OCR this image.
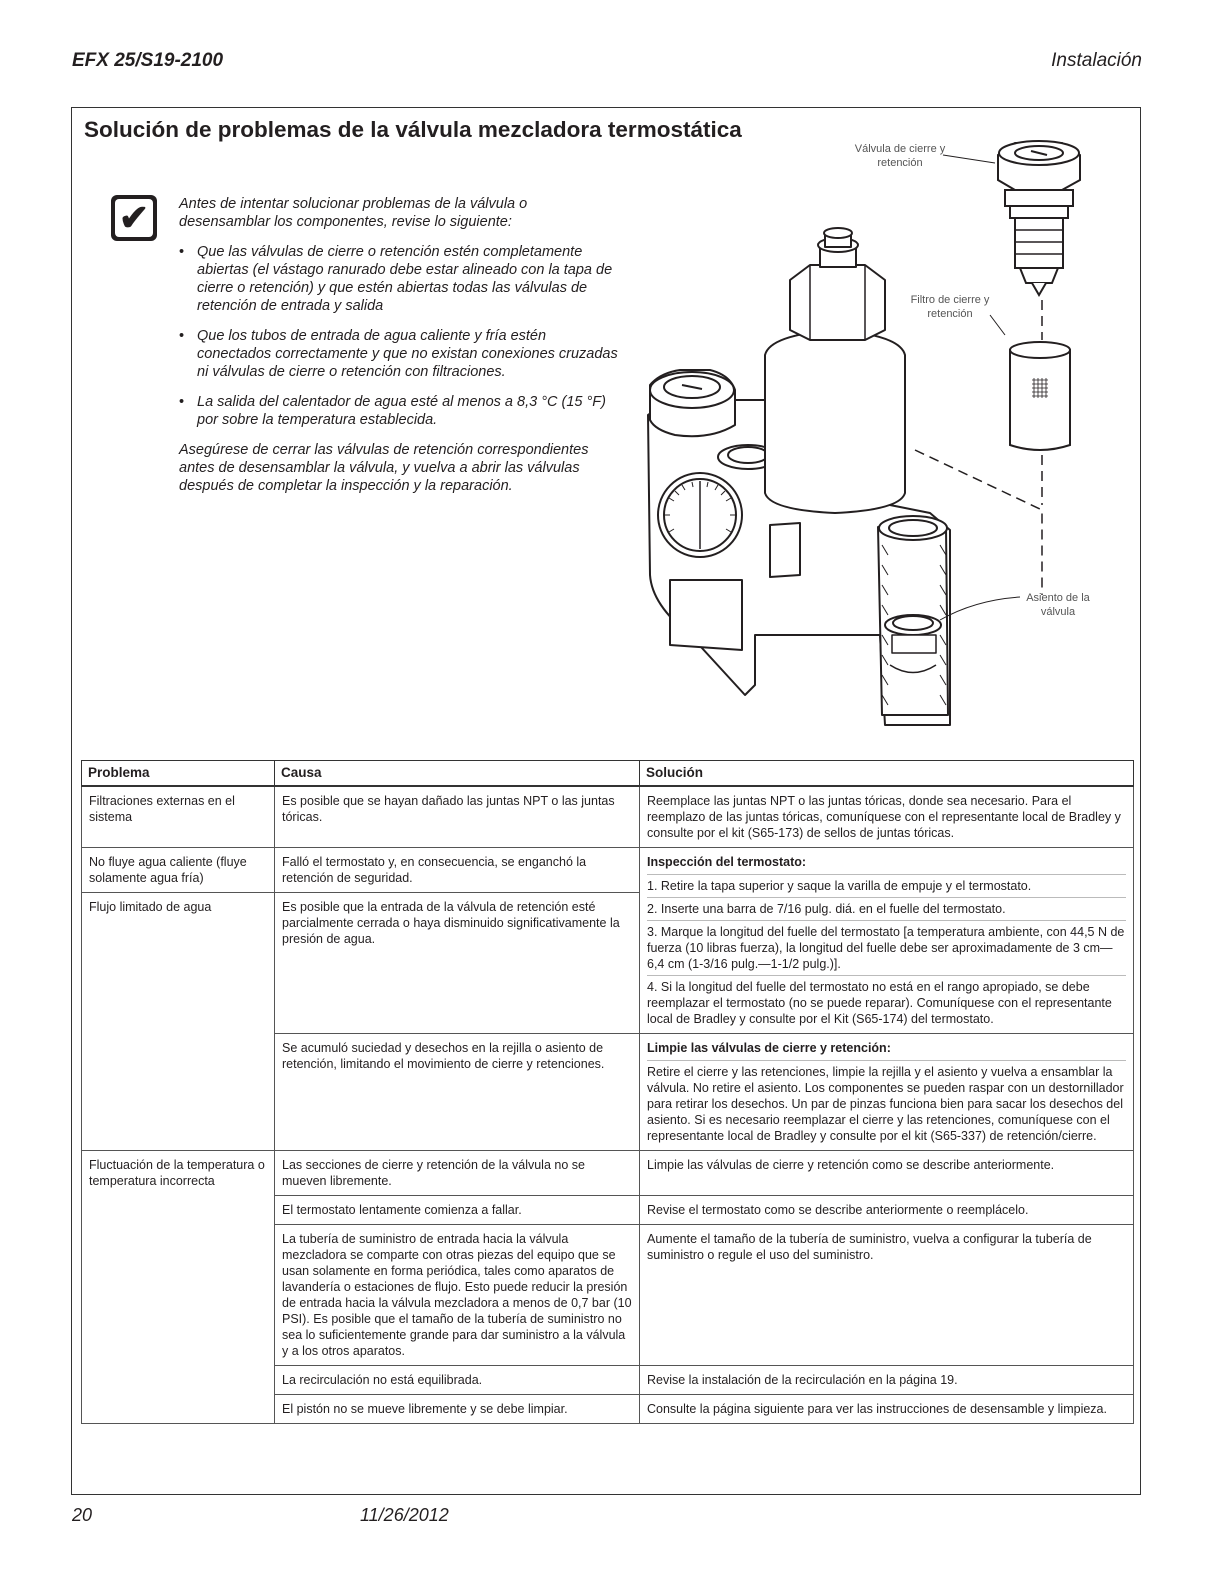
EFX 25/S19-2100	Instalación
Solución de problemas de la válvula mezcladora termostática
✔ Antes de intentar solucionar problemas de la válvula o desensamblar los componentes, revise lo siguiente:

• Que las válvulas de cierre o retención estén completamente abiertas (el vástago ranurado debe estar alineado con la tapa de cierre o retención) y que estén abiertas todas las válvulas de retención de entrada y salida
• Que los tubos de entrada de agua caliente y fría estén conectados correctamente y que no existan conexiones cruzadas ni válvulas de cierre o retención con filtraciones.
• La salida del calentador de agua esté al menos a 8,3 °C (15 °F) por sobre la temperatura establecida.

Asegúrese de cerrar las válvulas de retención correspondientes antes de desensamblar la válvula, y vuelva a abrir las válvulas después de completar la inspección y la reparación.

Válvula de cierre y
retención
Filtro de cierre y
retención
Asiento de la
válvula
Problema	Causa	Solución
Filtraciones externas en el sistema	Es posible que se hayan dañado las juntas NPT o las juntas tóricas.	Reemplace las juntas NPT o las juntas tóricas, donde sea necesario. Para el reemplazo de las juntas tóricas, comuníquese con el representante local de Bradley y consulte por el kit (S65-173) de sellos de juntas tóricas.
No fluye agua caliente (fluye solamente agua fría)	Falló el termostato y, en consecuencia, se enganchó la retención de seguridad.	Inspección del termostato:
1. Retire la tapa superior y saque la varilla de empuje y el termostato.
2. Inserte una barra de 7/16 pulg. diá. en el fuelle del termostato.
3. Marque la longitud del fuelle del termostato [a temperatura ambiente, con 44,5 N de fuerza (10 libras fuerza), la longitud del fuelle debe ser aproximadamente de 3 cm—6,4 cm (1-3/16 pulg.—1-1/2 pulg.)].
4. Si la longitud del fuelle del termostato no está en el rango apropiado, se debe reemplazar el termostato (no se puede reparar). Comuníquese con el representante local de Bradley y consulte por el Kit (S65-174) del termostato.

Flujo limitado de agua	Es posible que la entrada de la válvula de retención esté parcialmente cerrada o haya disminuido significativamente la presión de agua.	
	Se acumuló suciedad y desechos en la rejilla o asiento de retención, limitando el movimiento de cierre y retenciones.	Limpie las válvulas de cierre y retención:
Retire el cierre y las retenciones, limpie la rejilla y el asiento y vuelva a ensamblar la válvula. No retire el asiento. Los componentes se pueden raspar con un destornillador para retirar los desechos. Un par de pinzas funciona bien para sacar los desechos del asiento. Si es necesario reemplazar el cierre y las retenciones, comuníquese con el representante local de Bradley y consulte por el kit (S65-337) de retención/cierre.

Fluctuación de la temperatura o temperatura incorrecta	Las secciones de cierre y retención de la válvula no se mueven libremente.	Limpie las válvulas de cierre y retención como se describe anteriormente.
	El termostato lentamente comienza a fallar.	Revise el termostato como se describe anteriormente o reemplácelo.
	La tubería de suministro de entrada hacia la válvula mezcladora se comparte con otras piezas del equipo que se usan solamente en forma periódica, tales como aparatos de lavandería o estaciones de flujo. Esto puede reducir la presión de entrada hacia la válvula mezcladora a menos de 0,7 bar (10 PSI). Es posible que el tamaño de la tubería de suministro no sea lo suficientemente grande para dar suministro a la válvula y a los otros aparatos.	Aumente el tamaño de la tubería de suministro, vuelva a configurar la tubería de suministro o regule el uso del suministro.
	La recirculación no está equilibrada.	Revise la instalación de la recirculación en la página 19.
	El pistón no se mueve libremente y se debe limpiar.	Consulte la página siguiente para ver las instrucciones de desensamble y limpieza.
20	11/26/2012
